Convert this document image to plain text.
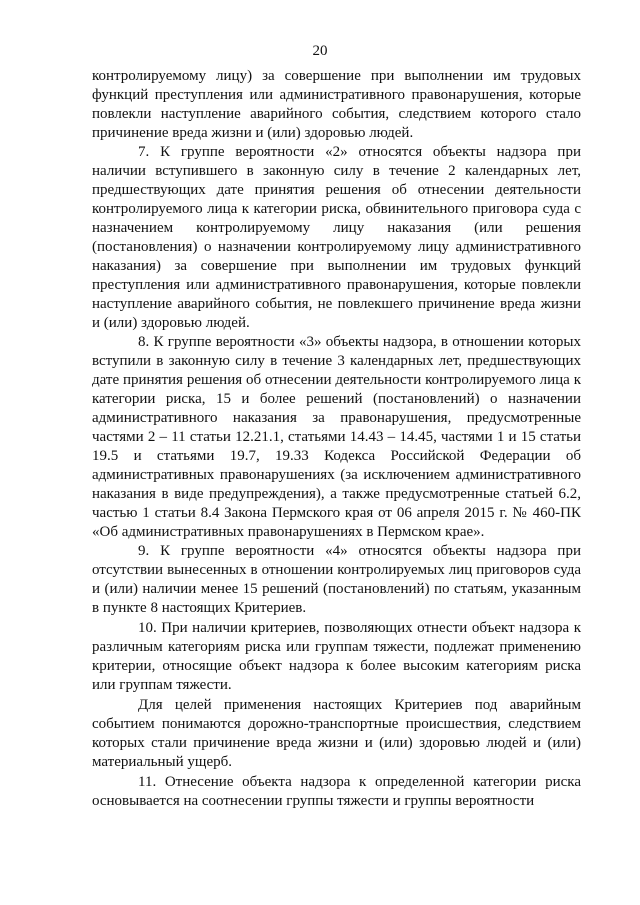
20

контролируемому лицу) за совершение при выполнении им трудовых функций преступления или административного правонарушения, которые повлекли наступление аварийного события, следствием которого стало причинение вреда жизни и (или) здоровью людей.

7. К группе вероятности «2» относятся объекты надзора при наличии вступившего в законную силу в течение 2 календарных лет, предшествующих дате принятия решения об отнесении деятельности контролируемого лица к категории риска, обвинительного приговора суда с назначением контролируемому лицу наказания (или решения (постановления) о назначении контролируемому лицу административного наказания) за совершение при выполнении им трудовых функций преступления или административного правонарушения, которые повлекли наступление аварийного события, не повлекшего причинение вреда жизни и (или) здоровью людей.

8. К группе вероятности «3» объекты надзора, в отношении которых вступили в законную силу в течение 3 календарных лет, предшествующих дате принятия решения об отнесении деятельности контролируемого лица к категории риска, 15 и более решений (постановлений) о назначении административного наказания за правонарушения, предусмотренные частями 2 – 11 статьи 12.21.1, статьями 14.43 – 14.45, частями 1 и 15 статьи 19.5 и статьями 19.7, 19.33 Кодекса Российской Федерации об административных правонарушениях (за исключением административного наказания в виде предупреждения), а также предусмотренные статьей 6.2, частью 1 статьи 8.4 Закона Пермского края от 06 апреля 2015 г. № 460-ПК «Об административных правонарушениях в Пермском крае».

9. К группе вероятности «4» относятся объекты надзора при отсутствии вынесенных в отношении контролируемых лиц приговоров суда и (или) наличии менее 15 решений (постановлений) по статьям, указанным в пункте 8 настоящих Критериев.

10. При наличии критериев, позволяющих отнести объект надзора к различным категориям риска или группам тяжести, подлежат применению критерии, относящие объект надзора к более высоким категориям риска или группам тяжести.

Для целей применения настоящих Критериев под аварийным событием понимаются дорожно-транспортные происшествия, следствием которых стали причинение вреда жизни и (или) здоровью людей и (или) материальный ущерб.

11. Отнесение объекта надзора к определенной категории риска основывается на соотнесении группы тяжести и группы вероятности
